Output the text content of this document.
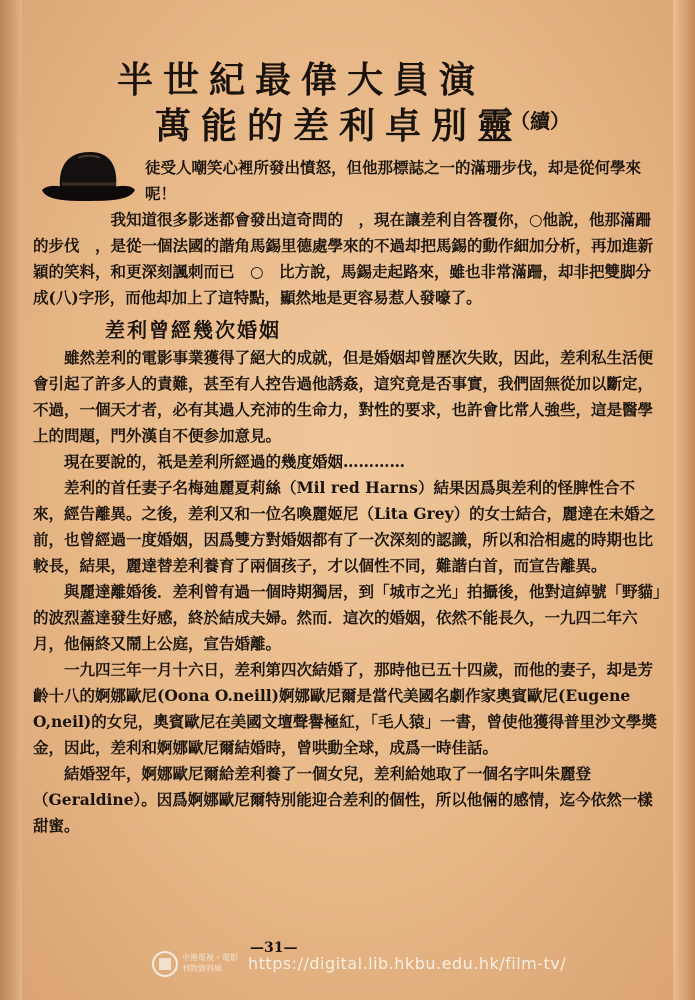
半世紀最偉大員演
萬能的差利卓別靈
（續）

徒受人嘲笑心裡所發出憤怒，但他那標誌之一的滿珊步伐，却是從何學來呢！

我知道很多影迷都會發出這奇問的　，現在讓差利自答覆你，○他說，他那滿跚的步伐　，是從一個法國的諧角馬錫里德處學來的不過却把馬錫的動作細加分析，再加進新穎的笑料，和更深刻諷刺而已　○　比方說，馬錫走起路來，雖也非常滿跚，却非把雙脚分成(八)字形，而他却加上了這特點，顯然地是更容易惹人發嚎了。

差利曾經幾次婚姻

雖然差利的電影事業獲得了絕大的成就，但是婚姻却曾歷次失敗，因此，差利私生活便會引起了許多人的責難，甚至有人控告過他誘姦，這究竟是否事實，我們固無從加以斷定，不過，一個天才者，必有其過人充沛的生命力，對性的要求，也許會比常人強些，這是醫學上的問題，門外漢自不便参加意見。

現在要說的，祇是差利所經過的幾度婚姻…………

差利的首任妻子名梅廸麗夏莉絲（Mil red Harns）結果因爲與差利的怪脾性合不來，經告離異。之後，差利又和一位名喚麗姬尼（Lita Grey）的女士結合，麗達在未婚之前，也曾經過一度婚姻，因爲雙方對婚姻都有了一次深刻的認識，所以和洽相處的時期也比較長，結果，麗達替差利養育了兩個孩子，才以個性不同，難諧白首，而宣告離異。

與麗達離婚後．差利曾有過一個時期獨居，到「城市之光」拍攝後，他對這綽號「野貓」的波烈蓋達發生好感，終於結成夫婦。然而．這次的婚姻，依然不能長久，一九四二年六月，他倆終又鬧上公庭，宣告婚離。

一九四三年一月十六日，差利第四次結婚了，那時他已五十四歲，而他的妻子，却是芳齡十八的婀娜歐尼(Oona O.neill)婀娜歐尼爾是當代美國名劇作家奧賓歐尼(Eugene O,neil)的女兒，奧賓歐尼在美國文壇聲譽極紅，「毛人猿」一書，曾使他獲得普里沙文學奬金，因此，差利和婀娜歐尼爾結婚時，曾哄動全球，成爲一時佳話。

結婚翌年，婀娜歐尼爾給差利養了一個女兒，差利給她取了一個名字叫朱麗登（Geraldine）。因爲婀娜歐尼爾特別能迎合差利的個性，所以他倆的感情，迄今依然一樣甜蜜。

—31—
中港電視・電影
刊物資料庫	https://digital.lib.hkbu.edu.hk/film-tv/
